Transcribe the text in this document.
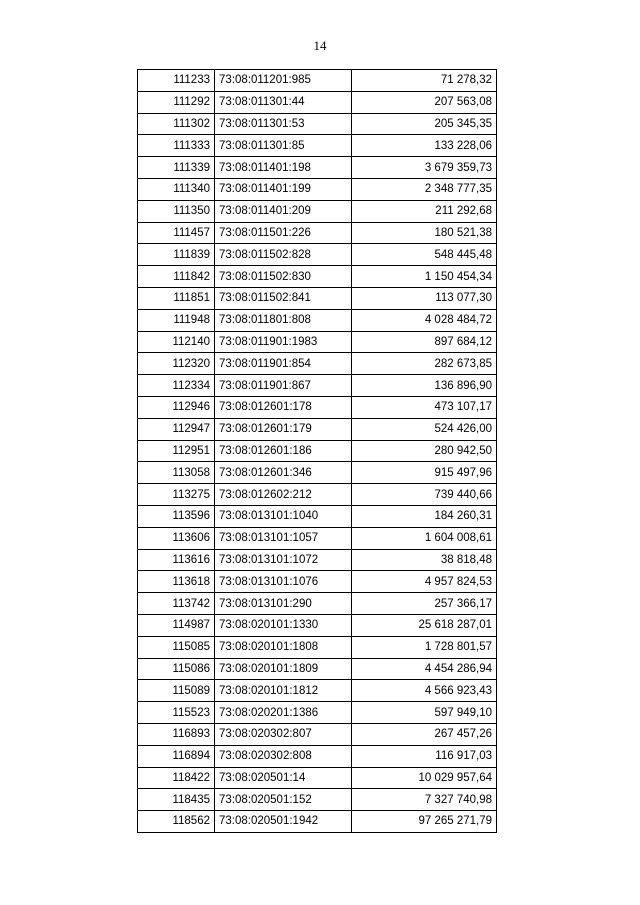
14
111233	73:08:011201:985	71 278,32
111292	73:08:011301:44	207 563,08
111302	73:08:011301:53	205 345,35
111333	73:08:011301:85	133 228,06
111339	73:08:011401:198	3 679 359,73
111340	73:08:011401:199	2 348 777,35
111350	73:08:011401:209	211 292,68
111457	73:08:011501:226	180 521,38
111839	73:08:011502:828	548 445,48
111842	73:08:011502:830	1 150 454,34
111851	73:08:011502:841	113 077,30
111948	73:08:011801:808	4 028 484,72
112140	73:08:011901:1983	897 684,12
112320	73:08:011901:854	282 673,85
112334	73:08:011901:867	136 896,90
112946	73:08:012601:178	473 107,17
112947	73:08:012601:179	524 426,00
112951	73:08:012601:186	280 942,50
113058	73:08:012601:346	915 497,96
113275	73:08:012602:212	739 440,66
113596	73:08:013101:1040	184 260,31
113606	73:08:013101:1057	1 604 008,61
113616	73:08:013101:1072	38 818,48
113618	73:08:013101:1076	4 957 824,53
113742	73:08:013101:290	257 366,17
114987	73:08:020101:1330	25 618 287,01
115085	73:08:020101:1808	1 728 801,57
115086	73:08:020101:1809	4 454 286,94
115089	73:08:020101:1812	4 566 923,43
115523	73:08:020201:1386	597 949,10
116893	73:08:020302:807	267 457,26
116894	73:08:020302:808	116 917,03
118422	73:08:020501:14	10 029 957,64
118435	73:08:020501:152	7 327 740,98
118562	73:08:020501:1942	97 265 271,79
